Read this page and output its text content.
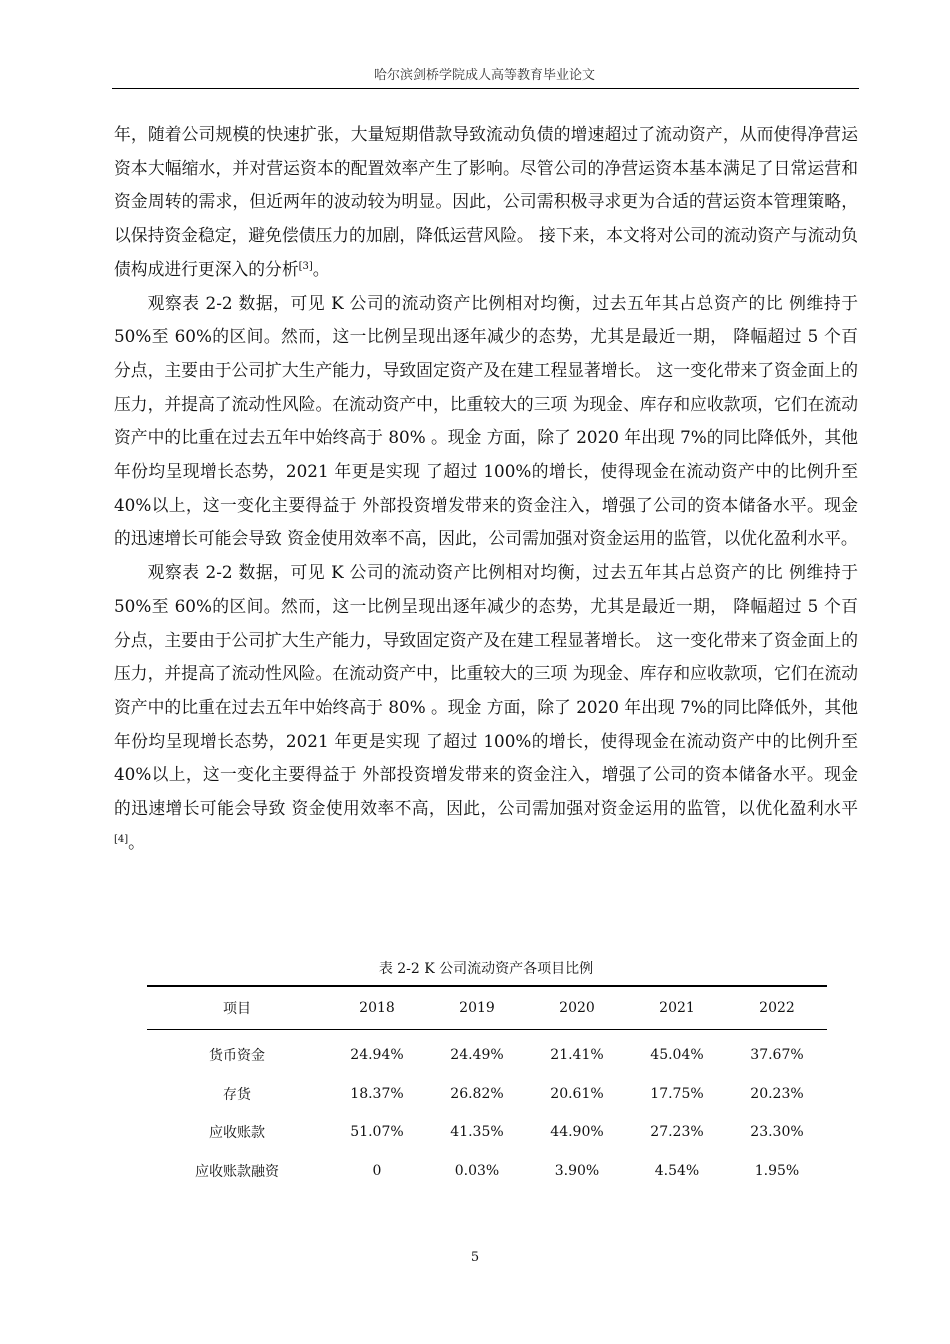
哈尔滨剑桥学院成人高等教育毕业论文

年，随着公司规模的快速扩张，大量短期借款导致流动负债的增速超过了流动资产，从而使得净营运资本大幅缩水，并对营运资本的配置效率产生了影响。尽管公司的净营运资本基本满足了日常运营和资金周转的需求，但近两年的波动较为明显。因此，公司需积极寻求更为合适的营运资本管理策略，以保持资金稳定，避免偿债压力的加剧，降低运营风险。 接下来，本文将对公司的流动资产与流动负债构成进行更深入的分析[3]。

观察表 2-2 数据，可见 K 公司的流动资产比例相对均衡，过去五年其占总资产的比 例维持于 50%至 60%的区间。然而，这一比例呈现出逐年减少的态势，尤其是最近一期， 降幅超过 5 个百分点，主要由于公司扩大生产能力，导致固定资产及在建工程显著增长。 这一变化带来了资金面上的压力，并提高了流动性风险。在流动资产中，比重较大的三项 为现金、库存和应收款项，它们在流动资产中的比重在过去五年中始终高于 80% 。现金 方面，除了 2020 年出现 7%的同比降低外，其他年份均呈现增长态势，2021 年更是实现 了超过 100%的增长，使得现金在流动资产中的比例升至 40%以上，这一变化主要得益于 外部投资增发带来的资金注入，增强了公司的资本储备水平。现金的迅速增长可能会导致 资金使用效率不高，因此，公司需加强对资金运用的监管，以优化盈利水平。

观察表 2-2 数据，可见 K 公司的流动资产比例相对均衡，过去五年其占总资产的比 例维持于 50%至 60%的区间。然而，这一比例呈现出逐年减少的态势，尤其是最近一期， 降幅超过 5 个百分点，主要由于公司扩大生产能力，导致固定资产及在建工程显著增长。 这一变化带来了资金面上的压力，并提高了流动性风险。在流动资产中，比重较大的三项 为现金、库存和应收款项，它们在流动资产中的比重在过去五年中始终高于 80% 。现金 方面，除了 2020 年出现 7%的同比降低外，其他年份均呈现增长态势，2021 年更是实现 了超过 100%的增长，使得现金在流动资产中的比例升至 40%以上，这一变化主要得益于 外部投资增发带来的资金注入，增强了公司的资本储备水平。现金的迅速增长可能会导致 资金使用效率不高，因此，公司需加强对资金运用的监管，以优化盈利水平[4]。

表 2-2 K 公司流动资产各项目比例
项目	2018	2019	2020	2021	2022
货币资金	24.94%	24.49%	21.41%	45.04%	37.67%
存货	18.37%	26.82%	20.61%	17.75%	20.23%
应收账款	51.07%	41.35%	44.90%	27.23%	23.30%
应收账款融资	0	0.03%	3.90%	4.54%	1.95%
5
